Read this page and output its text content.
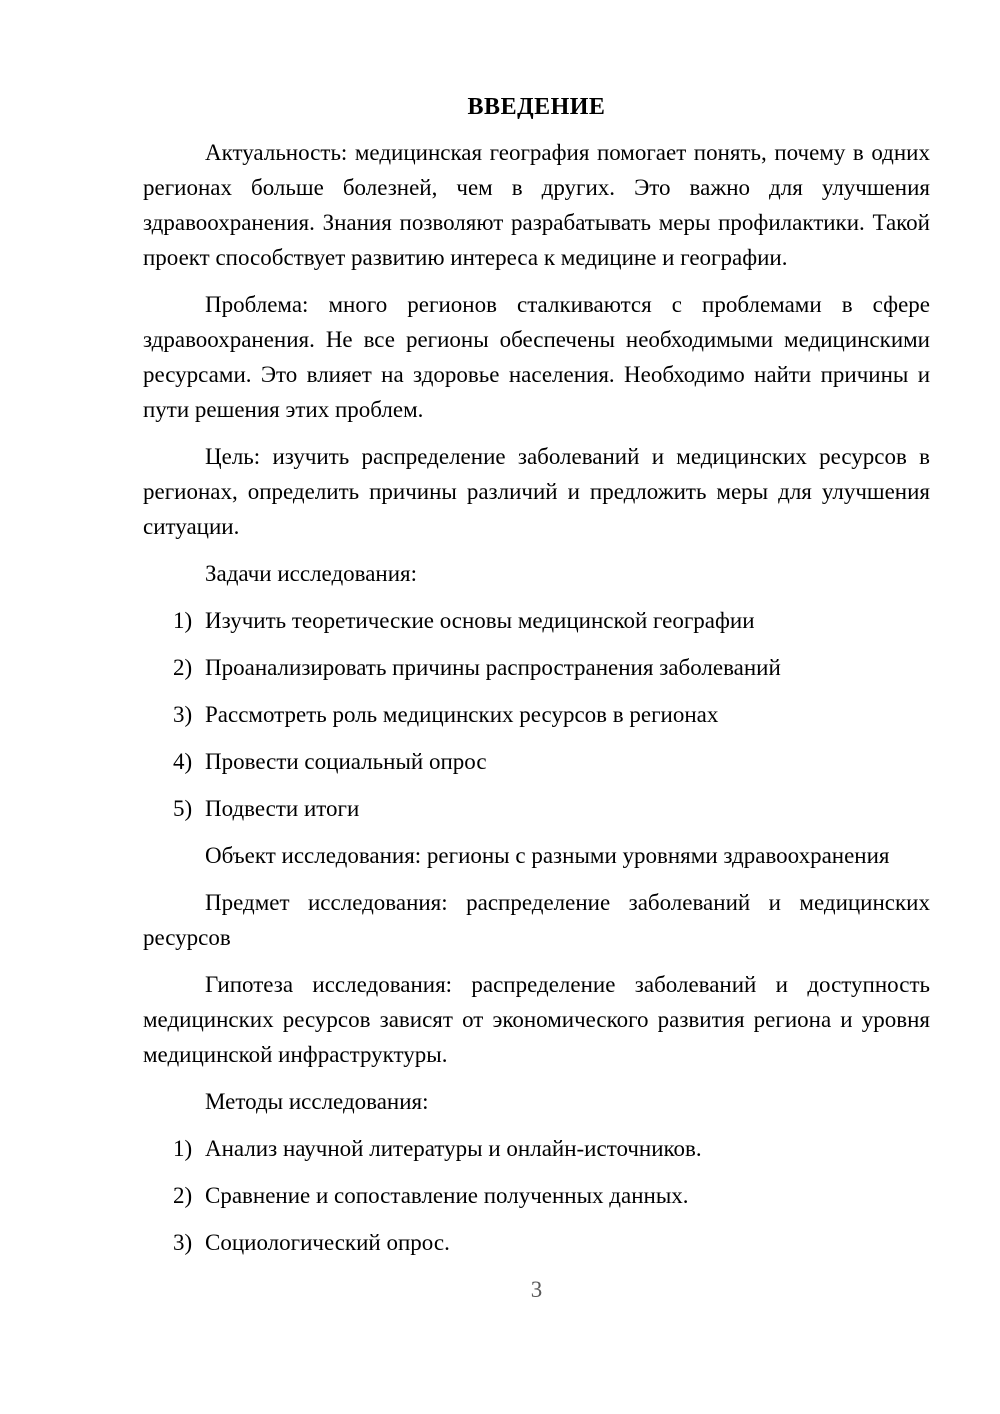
ВВЕДЕНИЕ

Актуальность: медицинская география помогает понять, почему в одних регионах больше болезней, чем в других. Это важно для улучшения здравоохранения. Знания позволяют разрабатывать меры профилактики. Такой проект способствует развитию интереса к медицине и географии.

Проблема: много регионов сталкиваются с проблемами в сфере здравоохранения. Не все регионы обеспечены необходимыми медицинскими ресурсами. Это влияет на здоровье населения. Необходимо найти причины и пути решения этих проблем.

Цель: изучить распределение заболеваний и медицинских ресурсов в регионах, определить причины различий и предложить меры для улучшения ситуации.

Задачи исследования:

1) Изучить теоретические основы медицинской географии
2) Проанализировать причины распространения заболеваний
3) Рассмотреть роль медицинских ресурсов в регионах
4) Провести социальный опрос
5) Подвести итоги

Объект исследования: регионы с разными уровнями здравоохранения

Предмет исследования: распределение заболеваний и медицинских ресурсов

Гипотеза исследования: распределение заболеваний и доступность медицинских ресурсов зависят от экономического развития региона и уровня медицинской инфраструктуры.

Методы исследования:

1) Анализ научной литературы и онлайн-источников.
2) Сравнение и сопоставление полученных данных.
3) Социологический опрос.
3
